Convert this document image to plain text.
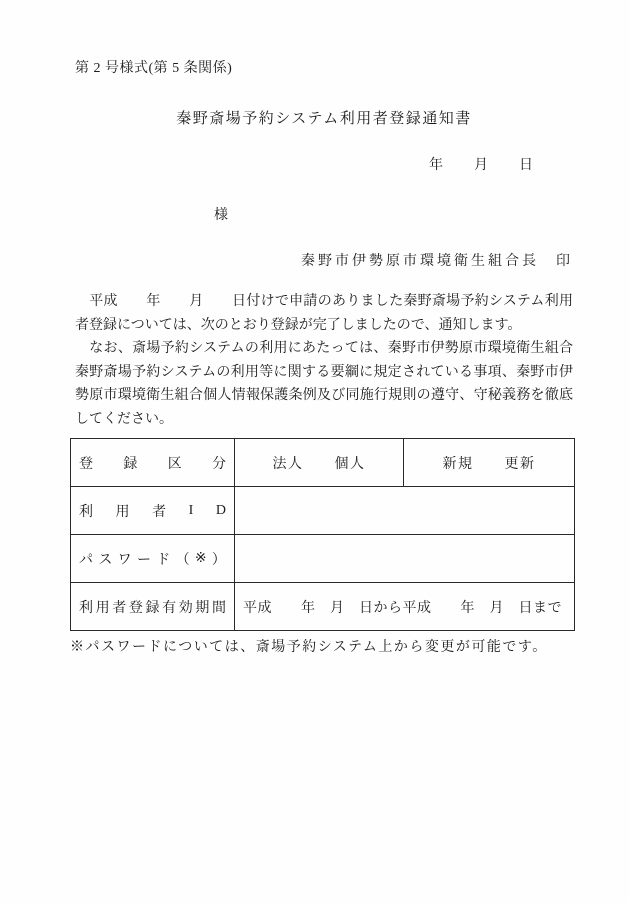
第 2 号様式(第 5 条関係)
秦野斎場予約システム利用者登録通知書
年　　月　　日
様
秦野市伊勢原市環境衛生組合長　印
　平成　　年　　月　　日付けで申請のありました秦野斎場予約システム利用
者登録については、次のとおり登録が完了しましたので、通知します。
　なお、斎場予約システムの利用にあたっては、秦野市伊勢原市環境衛生組合
秦野斎場予約システムの利用等に関する要綱に規定されている事項、秦野市伊
勢原市環境衛生組合個人情報保護条例及び同施行規則の遵守、守秘義務を徹底
してください。
登 録 区 分	法人　　個人	新規　　更新

利 用 者 I D		

パ ス ワ ー ド （ ※ ）

利 用 者 登 録 有 効 期 間	平成　　年　月　日から平成　　年　月　日まで
※パスワードについては、斎場予約システム上から変更が可能です。
